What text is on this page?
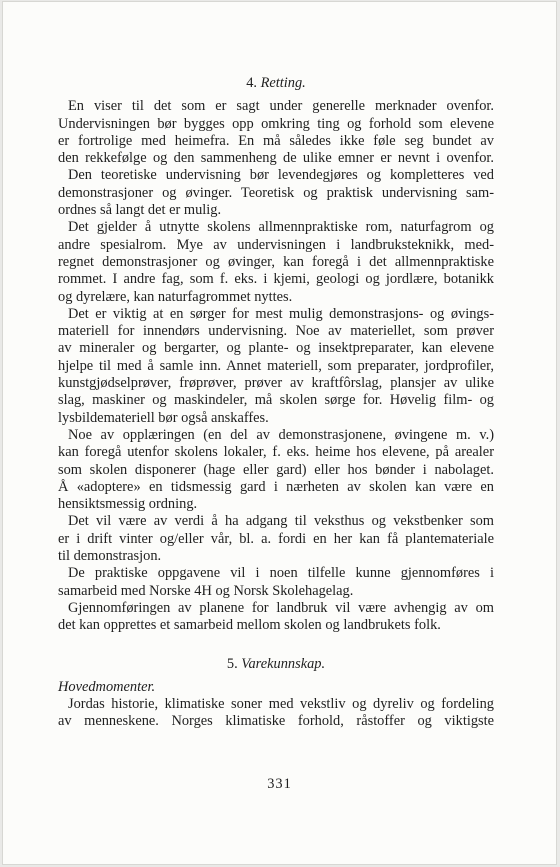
4. Retting.
En viser til det som er sagt under generelle merknader ovenfor.
Undervisningen bør bygges opp omkring ting og forhold som elevene
er fortrolige med heimefra. En må således ikke føle seg bundet av
den rekkefølge og den sammenheng de ulike emner er nevnt i ovenfor.
Den teoretiske undervisning bør levendegjøres og kompletteres ved
demonstrasjoner og øvinger. Teoretisk og praktisk undervisning sam-
ordnes så langt det er mulig.
Det gjelder å utnytte skolens allmennpraktiske rom, naturfagrom og
andre spesialrom. Mye av undervisningen i landbruksteknikk, med-
regnet demonstrasjoner og øvinger, kan foregå i det allmennpraktiske
rommet. I andre fag, som f. eks. i kjemi, geologi og jordlære, botanikk
og dyrelære, kan naturfagrommet nyttes.
Det er viktig at en sørger for mest mulig demonstrasjons- og øvings-
materiell for innendørs undervisning. Noe av materiellet, som prøver
av mineraler og bergarter, og plante- og insektpreparater, kan elevene
hjelpe til med å samle inn. Annet materiell, som preparater, jordprofiler,
kunstgjødselprøver, frøprøver, prøver av kraftfôrslag, plansjer av ulike
slag, maskiner og maskindeler, må skolen sørge for. Høvelig film- og
lysbildemateriell bør også anskaffes.
Noe av opplæringen (en del av demonstrasjonene, øvingene m. v.)
kan foregå utenfor skolens lokaler, f. eks. heime hos elevene, på arealer
som skolen disponerer (hage eller gard) eller hos bønder i nabolaget.
Å «adoptere» en tidsmessig gard i nærheten av skolen kan være en
hensiktsmessig ordning.
Det vil være av verdi å ha adgang til veksthus og vekstbenker som
er i drift vinter og/eller vår, bl. a. fordi en her kan få plantemateriale
til demonstrasjon.
De praktiske oppgavene vil i noen tilfelle kunne gjennomføres i
samarbeid med Norske 4H og Norsk Skolehagelag.
Gjennomføringen av planene for landbruk vil være avhengig av om
det kan opprettes et samarbeid mellom skolen og landbrukets folk.
5. Varekunnskap.
Hovedmomenter.
Jordas historie, klimatiske soner med vekstliv og dyreliv og fordeling
av menneskene. Norges klimatiske forhold, råstoffer og viktigste
331
